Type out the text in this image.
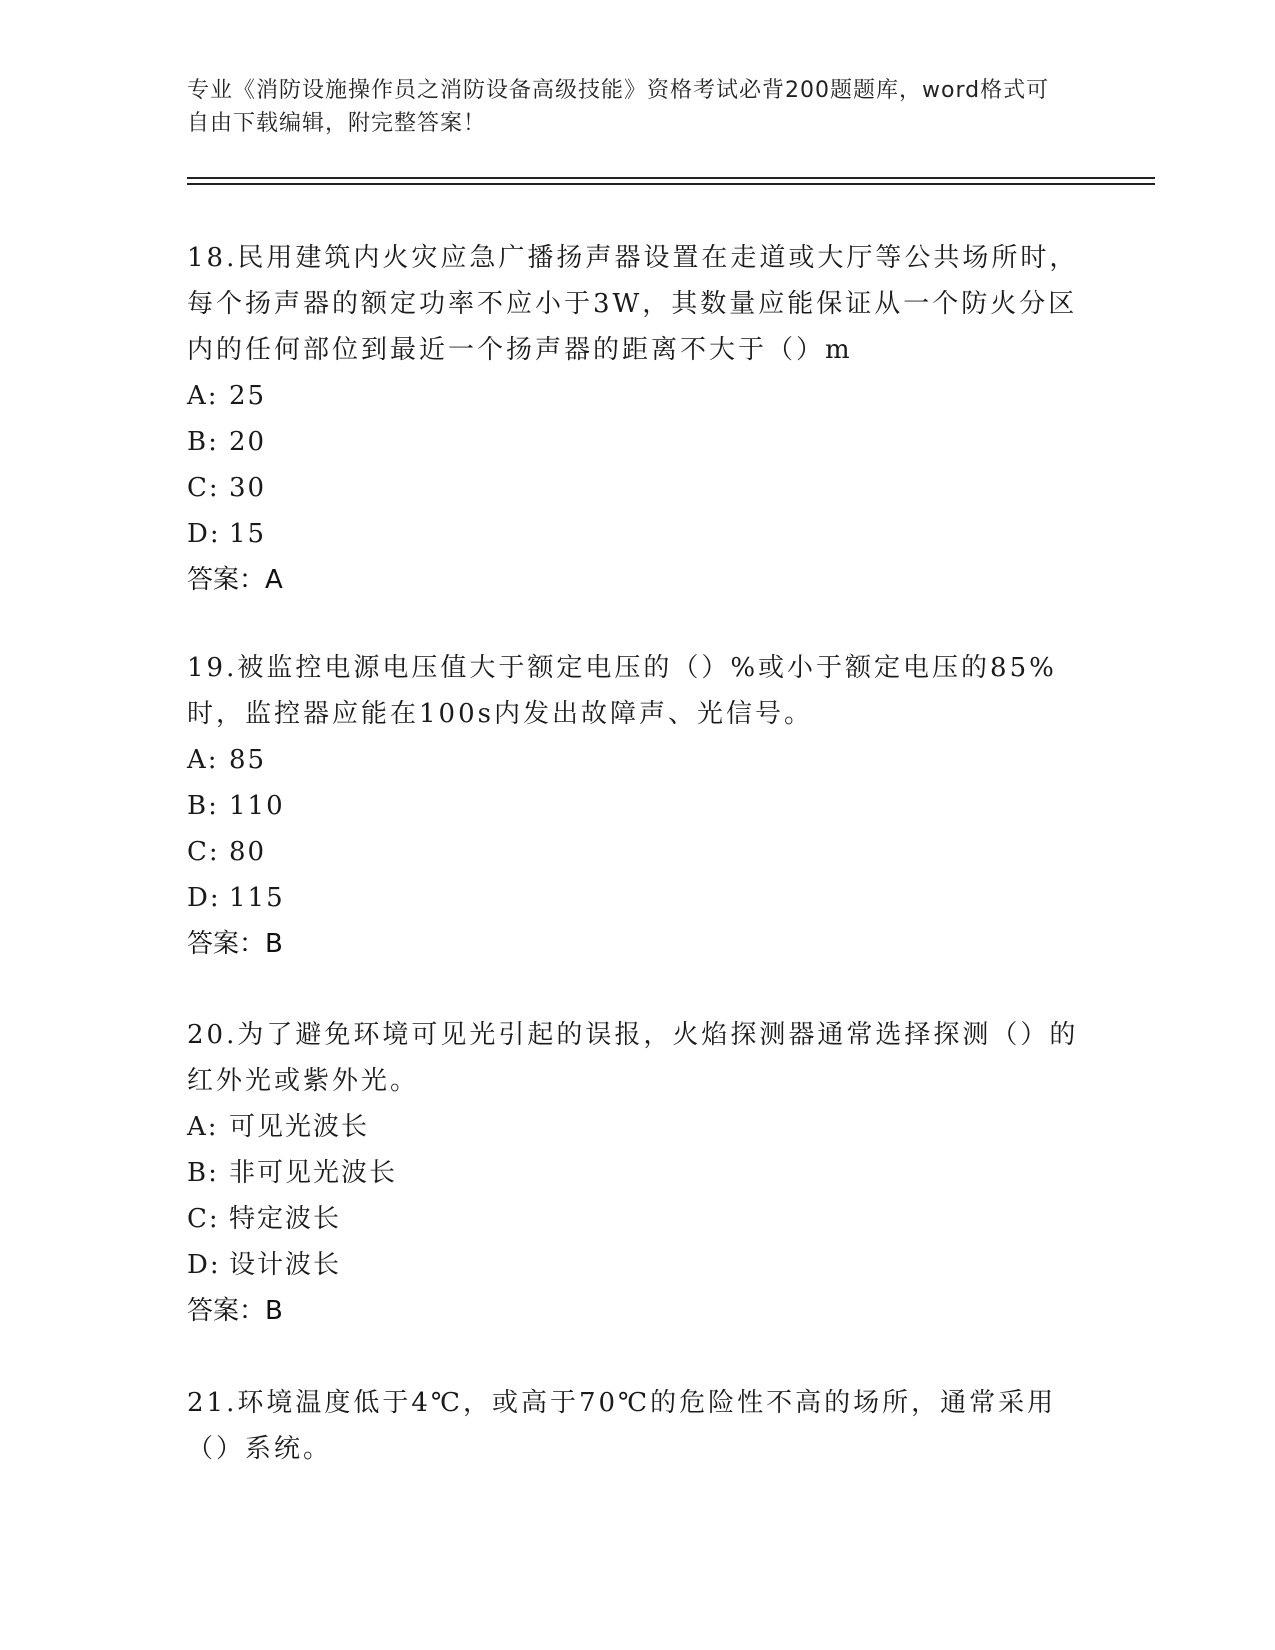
专业《消防设施操作员之消防设备高级技能》资格考试必背200题题库，word格式可自由下载编辑，附完整答案！

18.民用建筑内火灾应急广播扬声器设置在走道或大厅等公共场所时，每个扬声器的额定功率不应小于3W，其数量应能保证从一个防火分区内的任何部位到最近一个扬声器的距离不大于（）m

A: 25

B: 20

C: 30

D: 15

答案：A

19.被监控电源电压值大于额定电压的（）%或小于额定电压的85%时，监控器应能在100s内发出故障声、光信号。

A: 85

B: 110

C: 80

D: 115

答案：B

20.为了避免环境可见光引起的误报，火焰探测器通常选择探测（）的红外光或紫外光。

A: 可见光波长

B: 非可见光波长

C: 特定波长

D: 设计波长

答案：B

21.环境温度低于4℃，或高于70℃的危险性不高的场所，通常采用（）系统。
